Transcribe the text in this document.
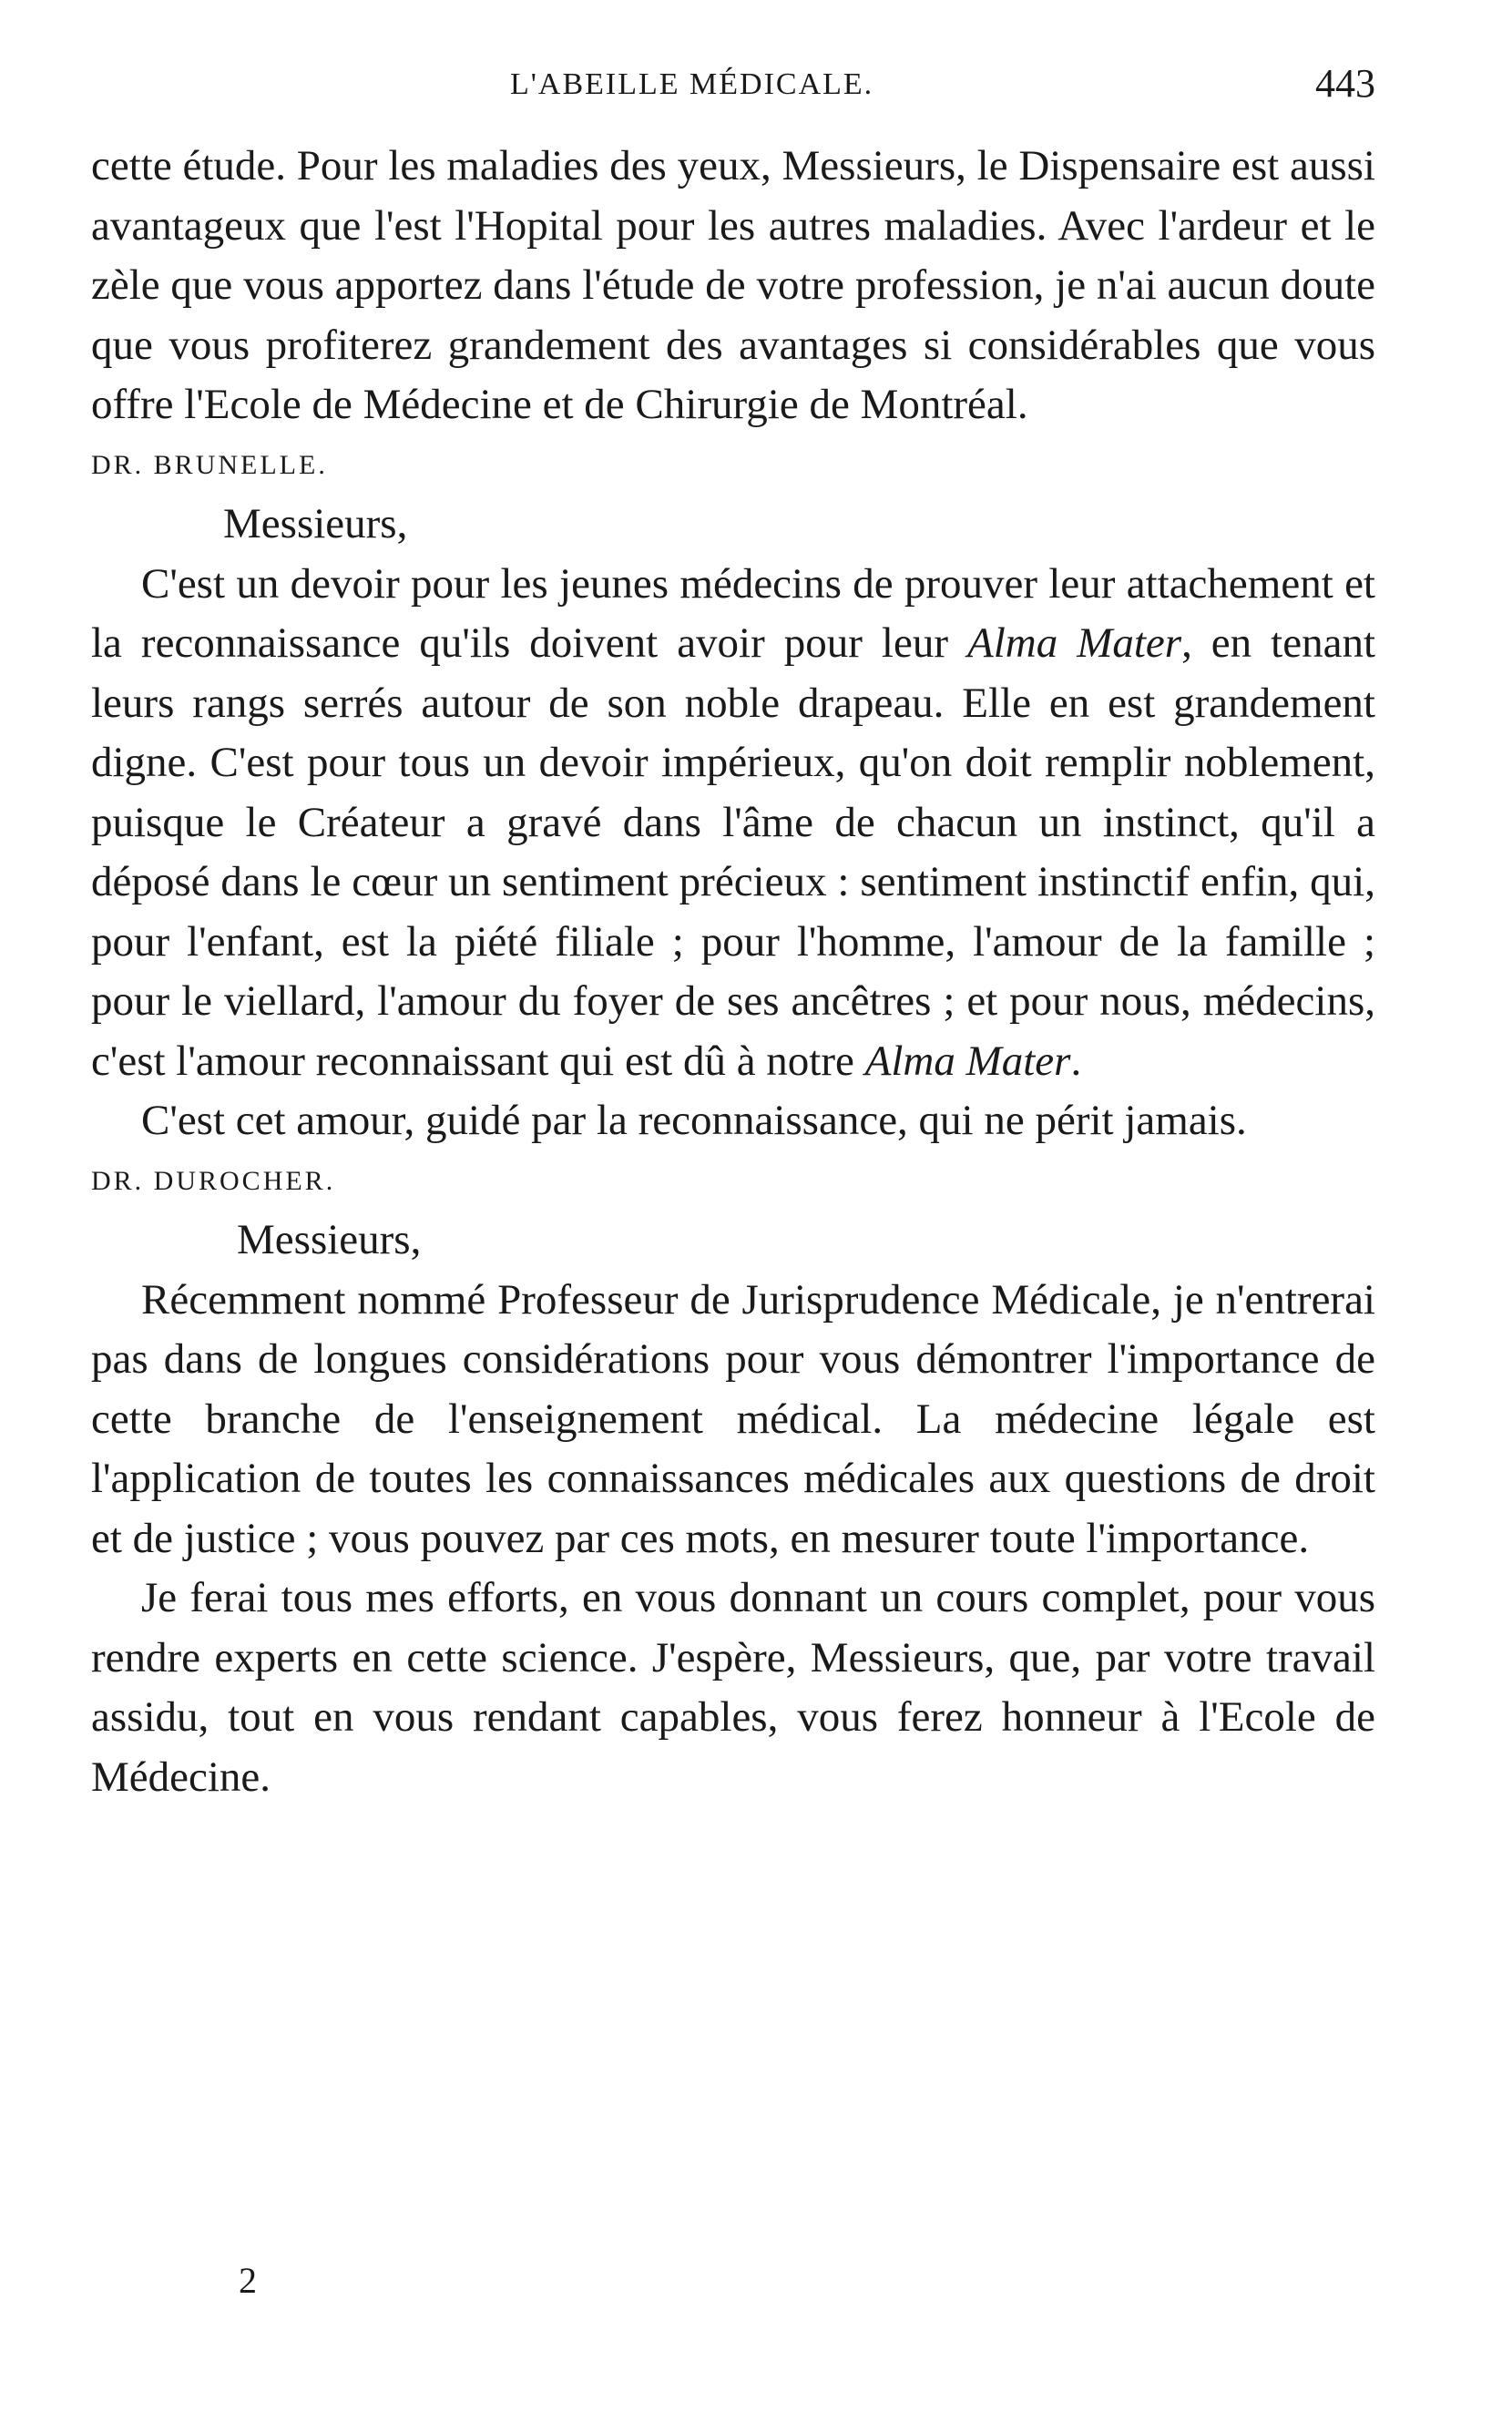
L'ABEILLE MÉDICALE.	443

cette étude. Pour les maladies des yeux, Messieurs, le Dispensaire est aussi avantageux que l'est l'Hopital pour les autres maladies. Avec l'ardeur et le zèle que vous apportez dans l'étude de votre profession, je n'ai aucun doute que vous profiterez grandement des avantages si considérables que vous offre l'Ecole de Médecine et de Chirurgie de Montréal.

DR. BRUNELLE.

Messieurs,

C'est un devoir pour les jeunes médecins de prouver leur attachement et la reconnaissance qu'ils doivent avoir pour leur Alma Mater, en tenant leurs rangs serrés autour de son noble drapeau. Elle en est grandement digne. C'est pour tous un devoir impérieux, qu'on doit remplir noblement, puisque le Créateur a gravé dans l'âme de chacun un instinct, qu'il a déposé dans le cœur un sentiment précieux : sentiment instinctif enfin, qui, pour l'enfant, est la piété filiale ; pour l'homme, l'amour de la famille ; pour le viellard, l'amour du foyer de ses ancêtres ; et pour nous, médecins, c'est l'amour reconnaissant qui est dû à notre Alma Mater.

C'est cet amour, guidé par la reconnaissance, qui ne périt jamais.

DR. DUROCHER.

Messieurs,

Récemment nommé Professeur de Jurisprudence Médicale, je n'entrerai pas dans de longues considérations pour vous démontrer l'importance de cette branche de l'enseignement médical. La médecine légale est l'application de toutes les connaissances médicales aux questions de droit et de justice ; vous pouvez par ces mots, en mesurer toute l'importance.

Je ferai tous mes efforts, en vous donnant un cours complet, pour vous rendre experts en cette science. J'espère, Messieurs, que, par votre travail assidu, tout en vous rendant capables, vous ferez honneur à l'Ecole de Médecine.

2
